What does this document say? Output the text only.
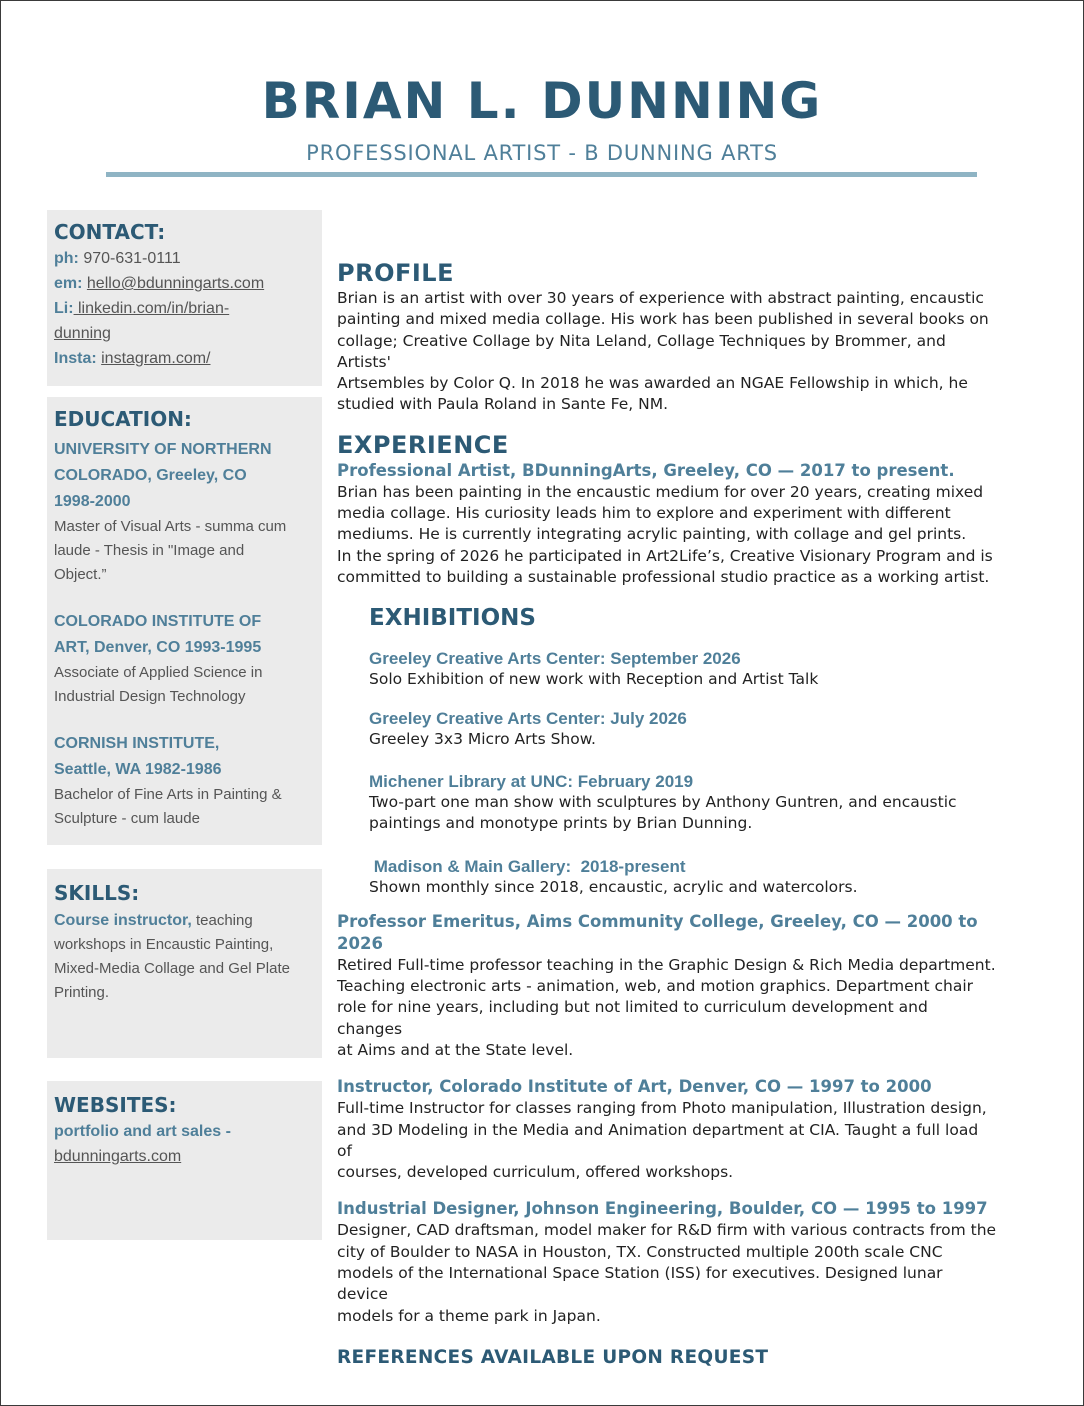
BRIAN L. DUNNING
PROFESSIONAL ARTIST - B DUNNING ARTS
CONTACT:
ph: 970-631-0111
em: hello@bdunningarts.com
Li: linkedin.com/in/brian-
dunning
Insta: instagram.com/
EDUCATION:
UNIVERSITY OF NORTHERN
COLORADO, Greeley, CO
1998-2000
Master of Visual Arts - summa cum
laude - Thesis in "Image and
Object.”
COLORADO INSTITUTE OF
ART, Denver, CO 1993-1995
Associate of Applied Science in
Industrial Design Technology
CORNISH INSTITUTE,
Seattle, WA 1982-1986
Bachelor of Fine Arts in Painting &
Sculpture - cum laude
SKILLS:
Course instructor, teaching
workshops in Encaustic Painting,
Mixed-Media Collage and Gel Plate
Printing.
WEBSITES:
portfolio and art sales -
bdunningarts.com
PROFILE
Brian is an artist with over 30 years of experience with abstract painting, encaustic
painting and mixed media collage. His work has been published in several books on
collage; Creative Collage by Nita Leland, Collage Techniques by Brommer, and Artists'
Artsembles by Color Q. In 2018 he was awarded an NGAE Fellowship in which, he
studied with Paula Roland in Sante Fe, NM.
EXPERIENCE
Professional Artist, BDunningArts, Greeley, CO — 2017 to present.
Brian has been painting in the encaustic medium for over 20 years, creating mixed
media collage. His curiosity leads him to explore and experiment with different
mediums. He is currently integrating acrylic painting, with collage and gel prints.
In the spring of 2026 he participated in Art2Life’s, Creative Visionary Program and is
committed to building a sustainable professional studio practice as a working artist.
EXHIBITIONS
Greeley Creative Arts Center: September 2026
Solo Exhibition of new work with Reception and Artist Talk
Greeley Creative Arts Center: July 2026
Greeley 3x3 Micro Arts Show.
Michener Library at UNC: February 2019
Two-part one man show with sculptures by Anthony Guntren, and encaustic
paintings and monotype prints by Brian Dunning.
Madison & Main Gallery:  2018-present
Shown monthly since 2018, encaustic, acrylic and watercolors.
Professor Emeritus, Aims Community College, Greeley, CO — 2000 to 2026
Retired Full-time professor teaching in the Graphic Design & Rich Media department.
Teaching electronic arts - animation, web, and motion graphics. Department chair
role for nine years, including but not limited to curriculum development and changes
at Aims and at the State level.
Instructor, Colorado Institute of Art, Denver, CO — 1997 to 2000
Full-time Instructor for classes ranging from Photo manipulation, Illustration design,
and 3D Modeling in the Media and Animation department at CIA. Taught a full load of
courses, developed curriculum, offered workshops.
Industrial Designer, Johnson Engineering, Boulder, CO — 1995 to 1997
Designer, CAD draftsman, model maker for R&D firm with various contracts from the
city of Boulder to NASA in Houston, TX. Constructed multiple 200th scale CNC
models of the International Space Station (ISS) for executives. Designed lunar device
models for a theme park in Japan.
REFERENCES AVAILABLE UPON REQUEST
